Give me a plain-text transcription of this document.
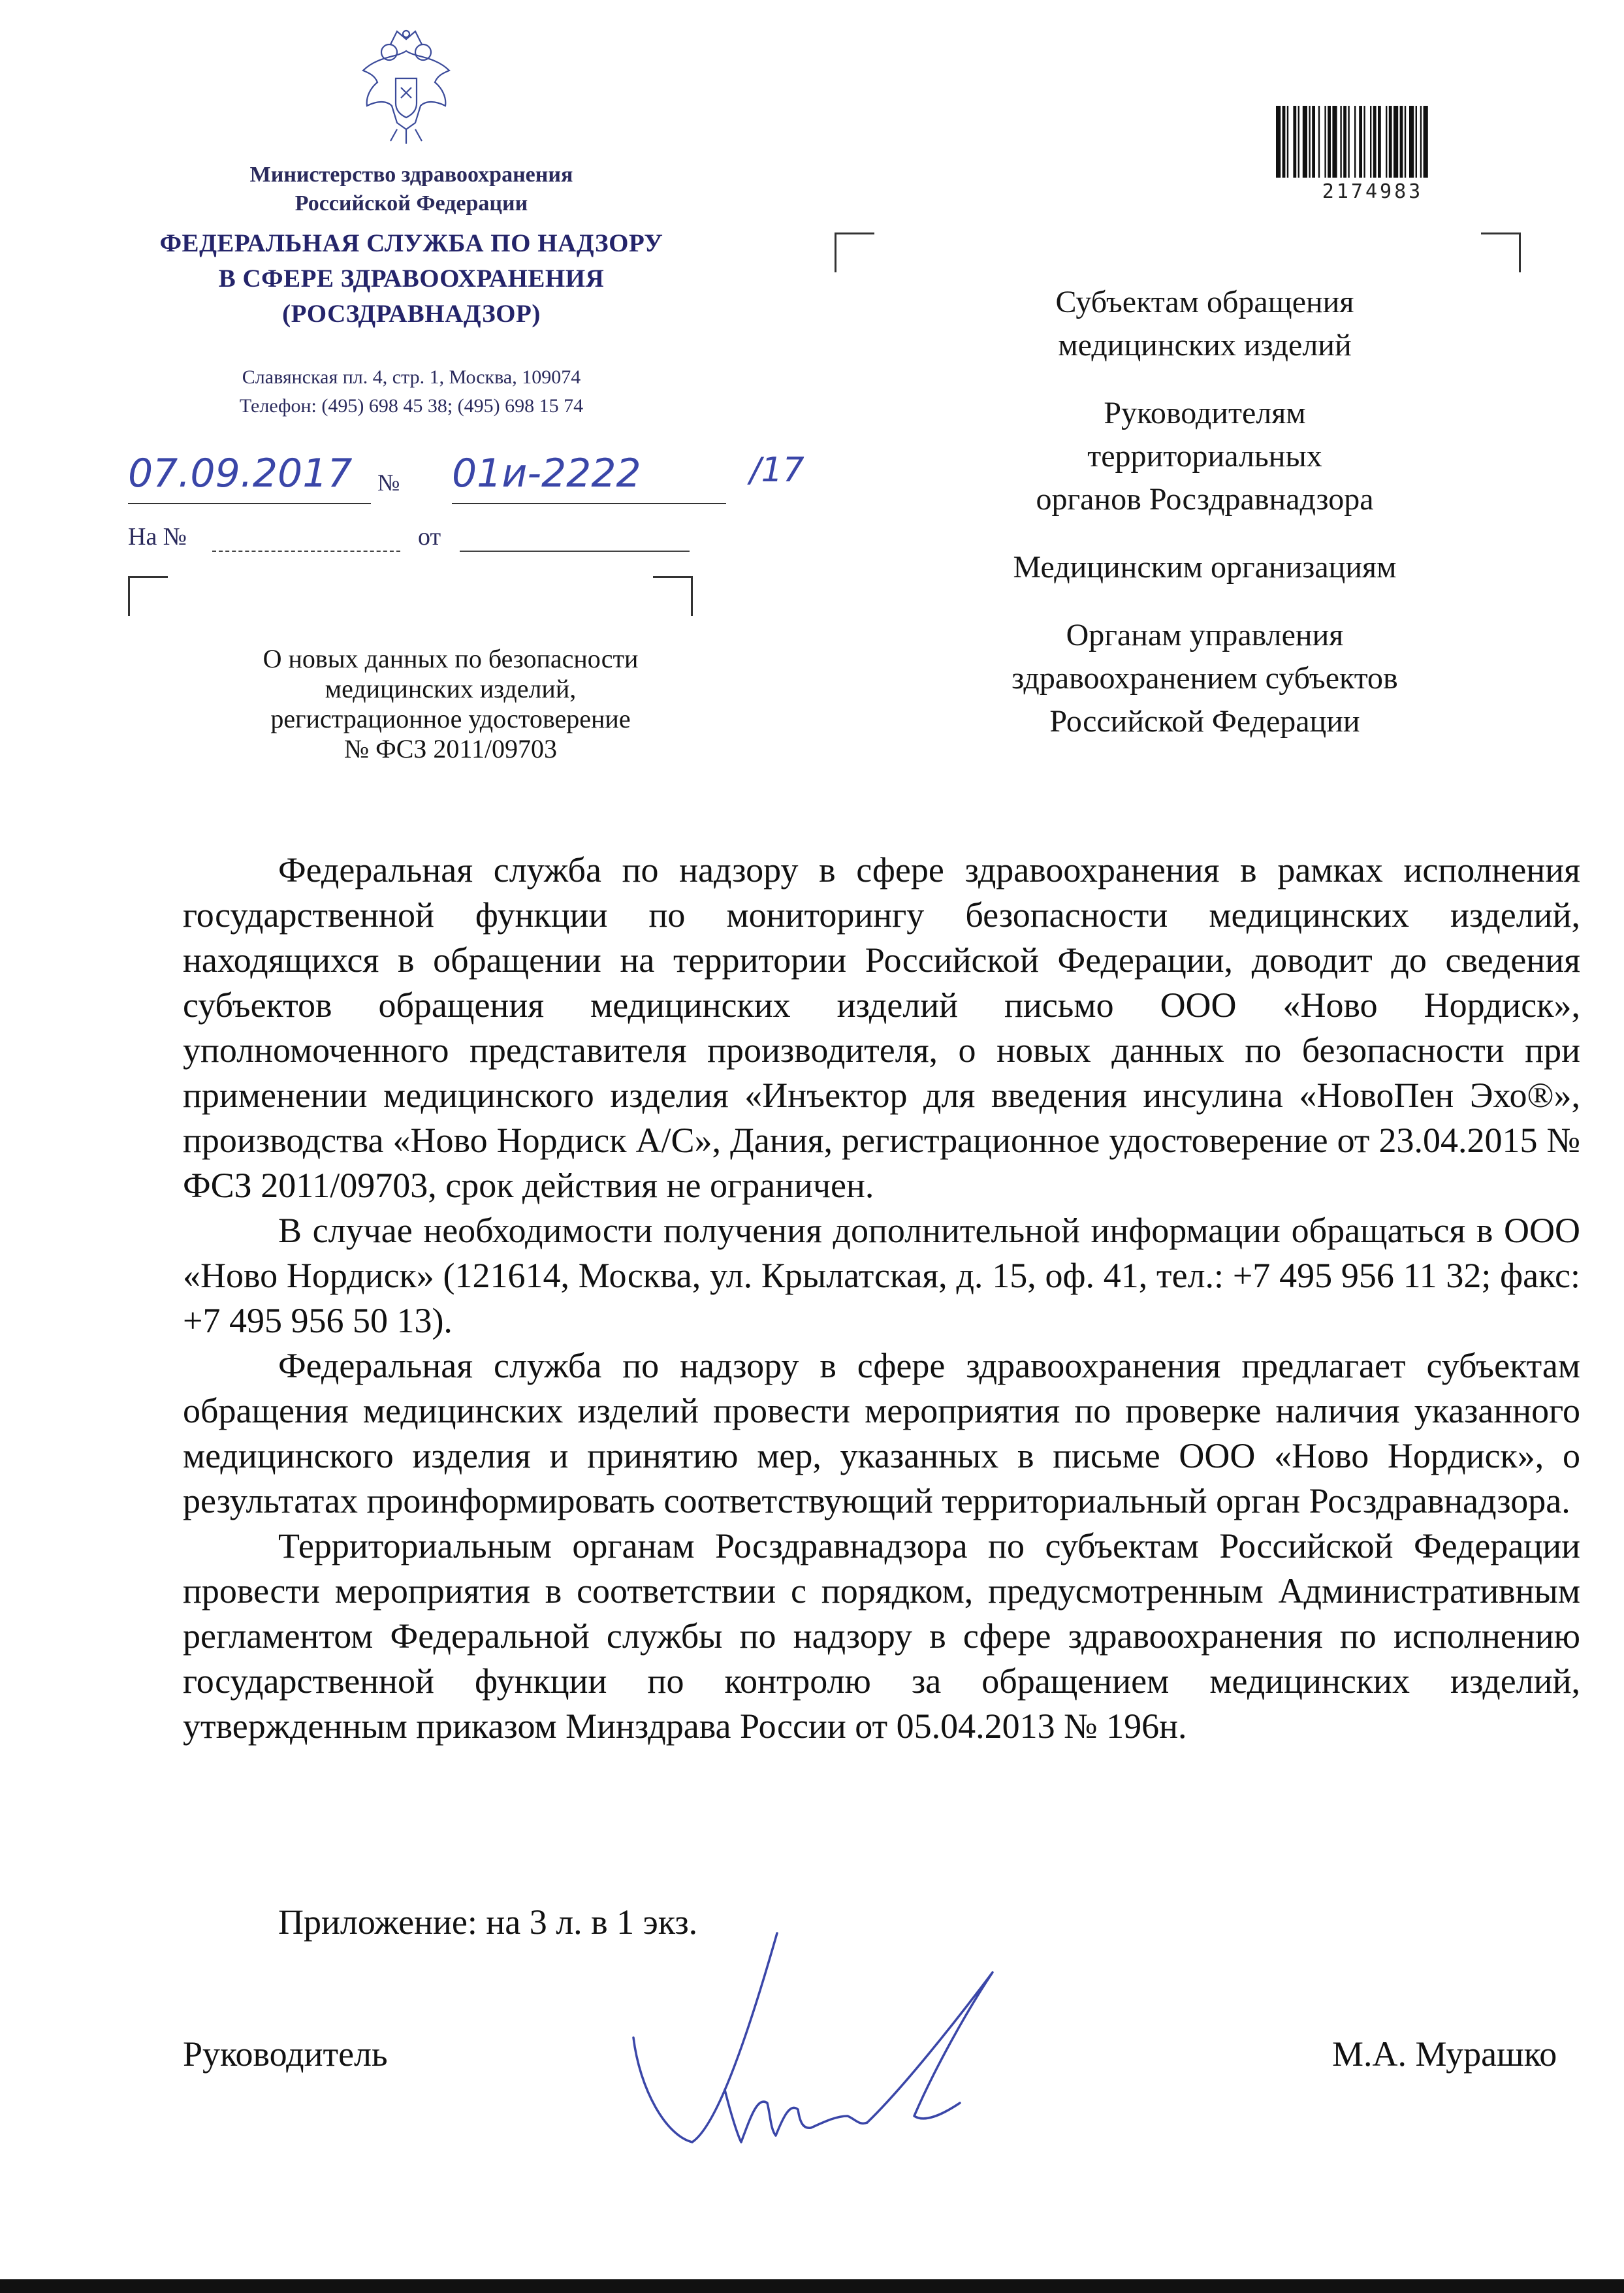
Министерство здравоохранения
Российской Федерации
ФЕДЕРАЛЬНАЯ СЛУЖБА ПО НАДЗОРУ
В СФЕРЕ ЗДРАВООХРАНЕНИЯ
(РОСЗДРАВНАДЗОР)
Славянская пл. 4, стр. 1, Москва, 109074
Телефон: (495) 698 45 38; (495) 698 15 74
07.09.2017 № 01и-2222	/17
На №	от
О новых данных по безопасности
медицинских изделий,
регистрационное удостоверение
№ ФСЗ 2011/09703
2174983
Субъектам обращения
медицинских изделий
Руководителям
территориальных
органов Росздравнадзора
Медицинским организациям
Органам управления
здравоохранением субъектов
Российской Федерации

Федеральная служба по надзору в сфере здравоохранения в рамках исполнения государственной функции по мониторингу безопасности медицинских изделий, находящихся в обращении на территории Российской Федерации, доводит до сведения субъектов обращения медицинских изделий письмо ООО «Ново Нордиск», уполномоченного представителя производителя, о новых данных по безопасности при применении медицинского изделия «Инъектор для введения инсулина «НовоПен Эхо®», производства «Ново Нордиск А/С», Дания, регистрационное удостоверение от 23.04.2015 № ФСЗ 2011/09703, срок действия не ограничен.

В случае необходимости получения дополнительной информации обращаться в ООО «Ново Нордиск» (121614, Москва, ул. Крылатская, д. 15, оф. 41, тел.: +7 495 956 11 32; факс: +7 495 956 50 13).

Федеральная служба по надзору в сфере здравоохранения предлагает субъектам обращения медицинских изделий провести мероприятия по проверке наличия указанного медицинского изделия и принятию мер, указанных в письме ООО «Ново Нордиск», о результатах проинформировать соответствующий территориальный орган Росздравнадзора.

Территориальным органам Росздравнадзора по субъектам Российской Федерации провести мероприятия в соответствии с порядком, предусмотренным Административным регламентом Федеральной службы по надзору в сфере здравоохранения по исполнению государственной функции по контролю за обращением медицинских изделий, утвержденным приказом Минздрава России от 05.04.2013 № 196н.

Приложение: на 3 л. в 1 экз.
Руководитель	М.А. Мурашко
